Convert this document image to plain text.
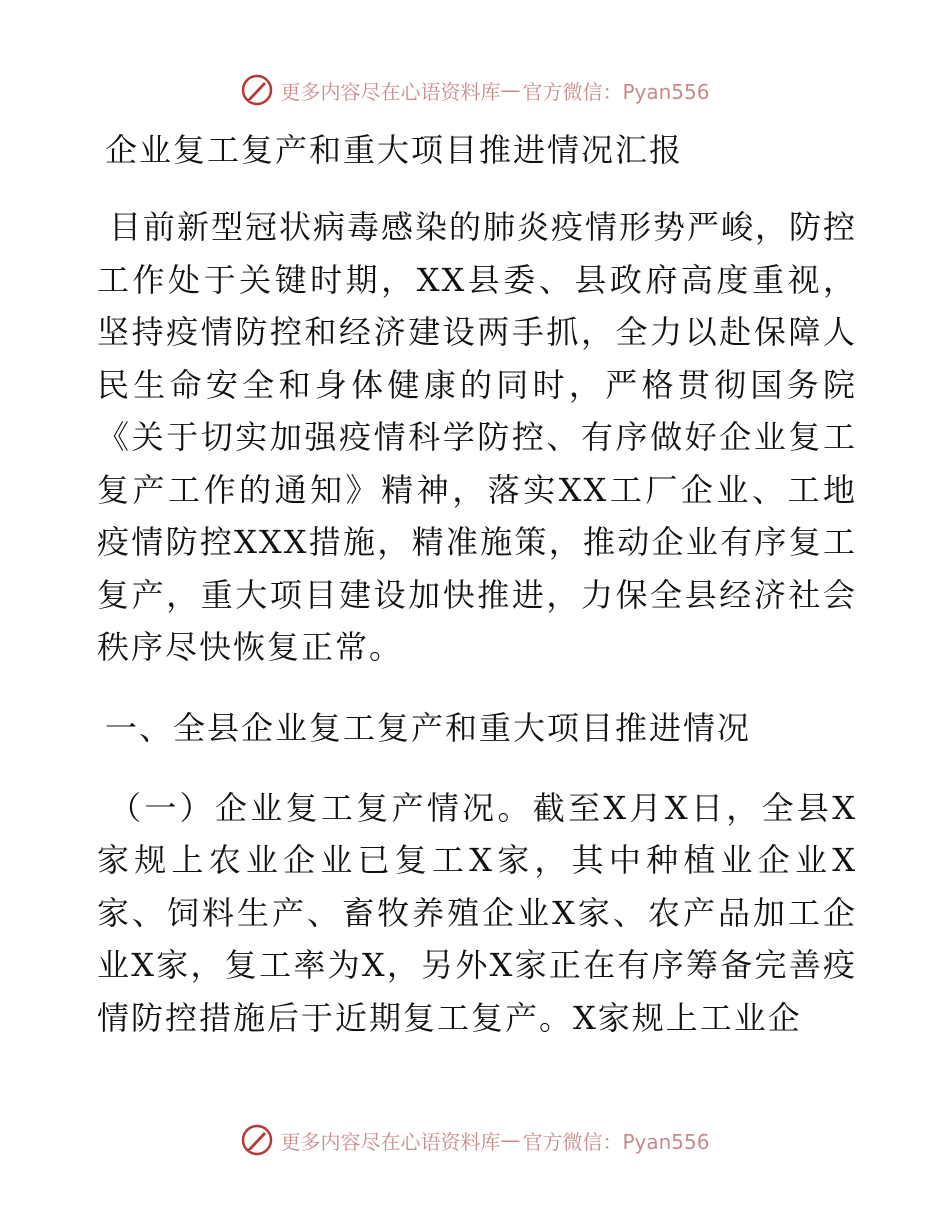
更多内容尽在心语资料库 — 官方微信：Pyan556
企业复工复产和重大项目推进情况汇报

目前新型冠状病毒感染的肺炎疫情形势严峻，防控工作处于关键时期，XX县委、县政府高度重视，坚持疫情防控和经济建设两手抓，全力以赴保障人民生命安全和身体健康的同时，严格贯彻国务院《关于切实加强疫情科学防控、有序做好企业复工复产工作的通知》精神，落实XX工厂企业、工地疫情防控XXX措施，精准施策，推动企业有序复工复产，重大项目建设加快推进，力保全县经济社会秩序尽快恢复正常。

一、全县企业复工复产和重大项目推进情况

（一）企业复工复产情况。截至X月X日，全县X家规上农业企业已复工X家，其中种植业企业X家、饲料生产、畜牧养殖企业X家、农产品加工企业X家，复工率为X，另外X家正在有序筹备完善疫情防控措施后于近期复工复产。X家规上工业企

更多内容尽在心语资料库 — 官方微信：Pyan556
